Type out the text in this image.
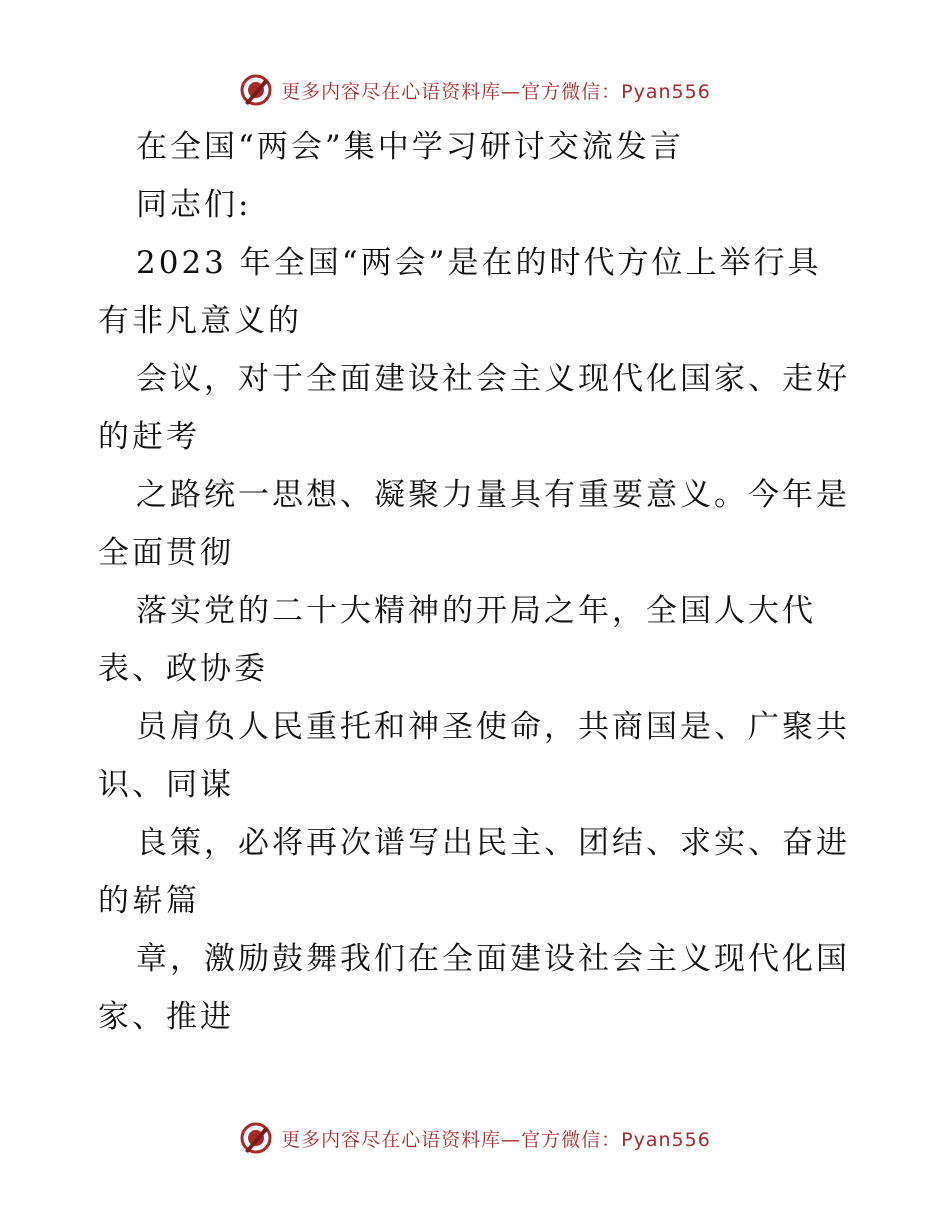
更多内容尽在心语资料库—官方微信：Pyan556
在全国“两会”集中学习研讨交流发言
同志们:
2023 年全国“两会”是在的时代方位上举行具
有非凡意义的
会议，对于全面建设社会主义现代化国家、走好
的赶考
之路统一思想、凝聚力量具有重要意义。今年是
全面贯彻
落实党的二十大精神的开局之年，全国人大代
表、政协委
员肩负人民重托和神圣使命，共商国是、广聚共
识、同谋
良策，必将再次谱写出民主、团结、求实、奋进
的崭篇
章，激励鼓舞我们在全面建设社会主义现代化国
家、推进
更多内容尽在心语资料库—官方微信：Pyan556
